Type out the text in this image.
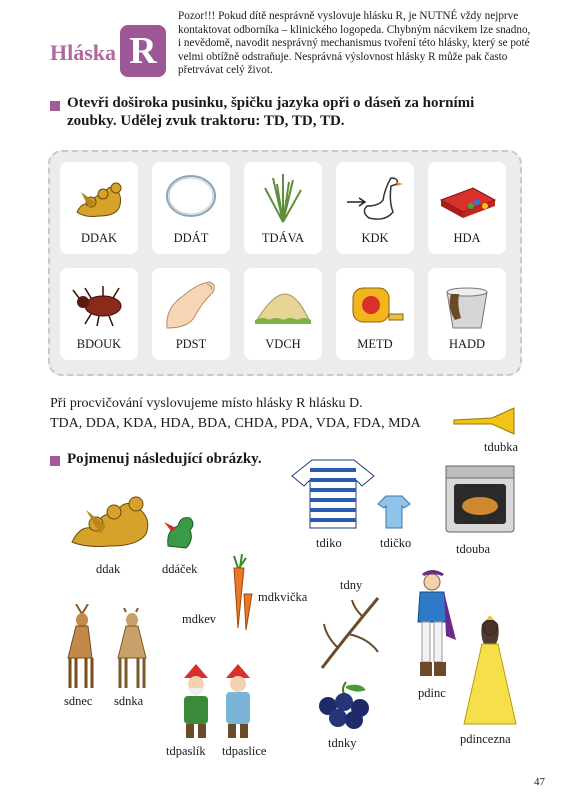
Hláska R
Pozor!!! Pokud dítě nesprávně vyslovuje hlásku R, je NUTNÉ vždy nejprve kontaktovat odborníka – klinického logopeda. Chybným nácvikem lze snadno, i nevědomě, navodit nesprávný mechanismus tvoření této hlásky, který se poté velmi obtížně odstraňuje. Nesprávná výslovnost hlásky R může pak často přetrvávat celý život.
Otevři doširoka pusinku, špičku jazyka opři o dáseň za horními zoubky. Udělej zvuk traktoru: TD, TD, TD.
DDAK	DDÁT	TDÁVA	KDK	HDA
BDOUK	PDST	VDCH	METD	HADD
Při procvičování vyslovujeme místo hlásky R hlásku D.
TDA, DDA, KDA, HDA, BDA, CHDA, PDA, VDA, FDA, MDA
tdubka
Pojmenuj následující obrázky.
ddak	ddáček
tdiko	tdičko	tdouba
mdkvička
mdkev
tdny
pdinc
pdincezna
sdnec sdnka
tdpaslík tdpaslice
tdnky
47
